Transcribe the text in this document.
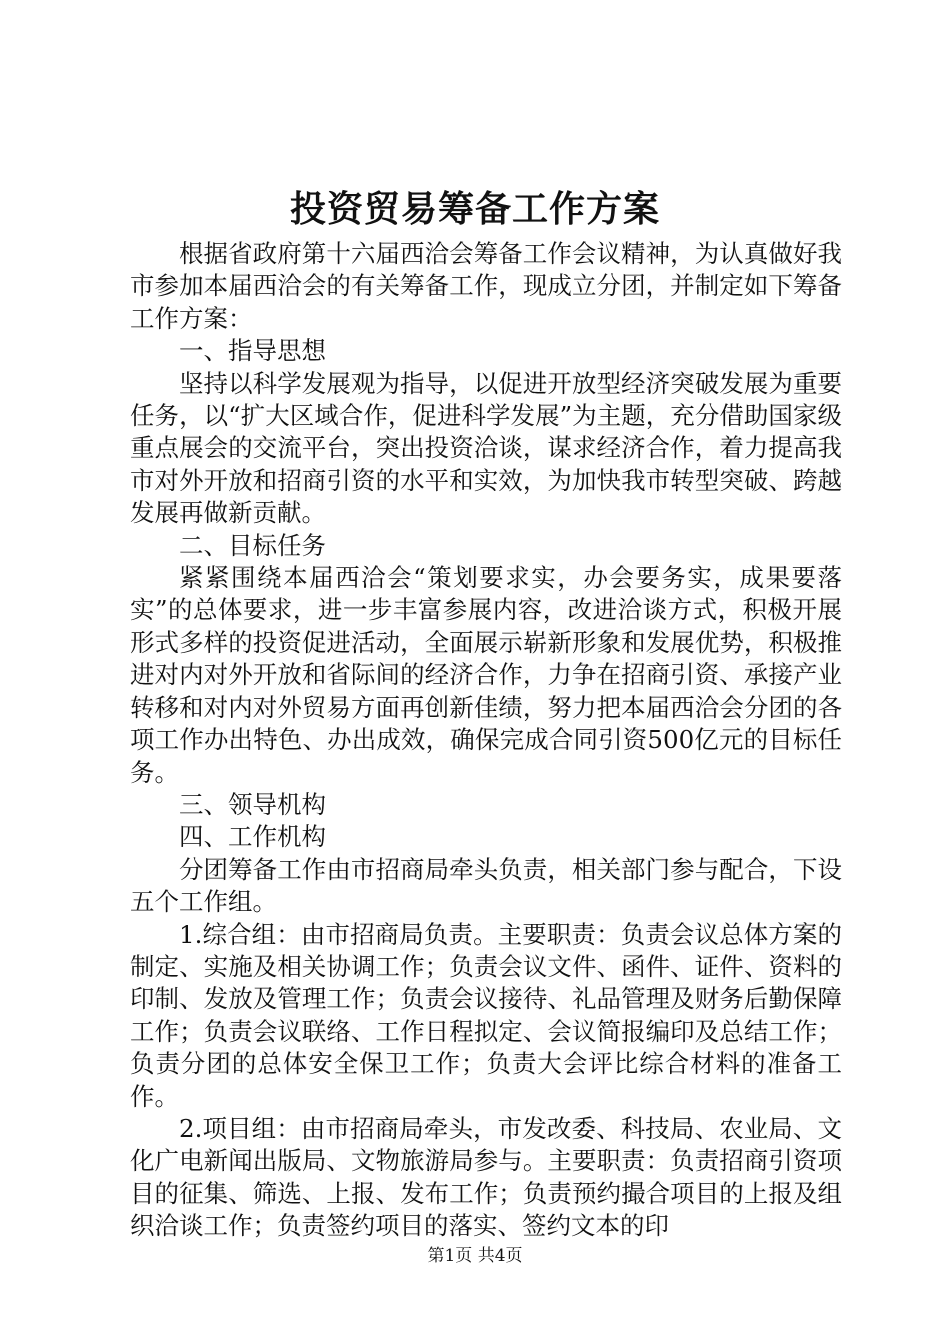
投资贸易筹备工作方案

根据省政府第十六届西洽会筹备工作会议精神，为认真做好我市参加本届西洽会的有关筹备工作，现成立分团，并制定如下筹备工作方案：

一、指导思想

坚持以科学发展观为指导，以促进开放型经济突破发展为重要任务，以“扩大区域合作，促进科学发展”为主题，充分借助国家级重点展会的交流平台，突出投资洽谈，谋求经济合作，着力提高我市对外开放和招商引资的水平和实效，为加快我市转型突破、跨越发展再做新贡献。

二、目标任务

紧紧围绕本届西洽会“策划要求实，办会要务实，成果要落实”的总体要求，进一步丰富参展内容，改进洽谈方式，积极开展形式多样的投资促进活动，全面展示崭新形象和发展优势，积极推进对内对外开放和省际间的经济合作，力争在招商引资、承接产业转移和对内对外贸易方面再创新佳绩，努力把本届西洽会分团的各项工作办出特色、办出成效，确保完成合同引资500亿元的目标任务。

三、领导机构

四、工作机构

分团筹备工作由市招商局牵头负责，相关部门参与配合，下设五个工作组。

1.综合组：由市招商局负责。主要职责：负责会议总体方案的制定、实施及相关协调工作；负责会议文件、函件、证件、资料的印制、发放及管理工作；负责会议接待、礼品管理及财务后勤保障工作；负责会议联络、工作日程拟定、会议简报编印及总结工作；负责分团的总体安全保卫工作；负责大会评比综合材料的准备工作。

2.项目组：由市招商局牵头，市发改委、科技局、农业局、文化广电新闻出版局、文物旅游局参与。主要职责：负责招商引资项目的征集、筛选、上报、发布工作；负责预约撮合项目的上报及组织洽谈工作；负责签约项目的落实、签约文本的印

第1页 共4页
